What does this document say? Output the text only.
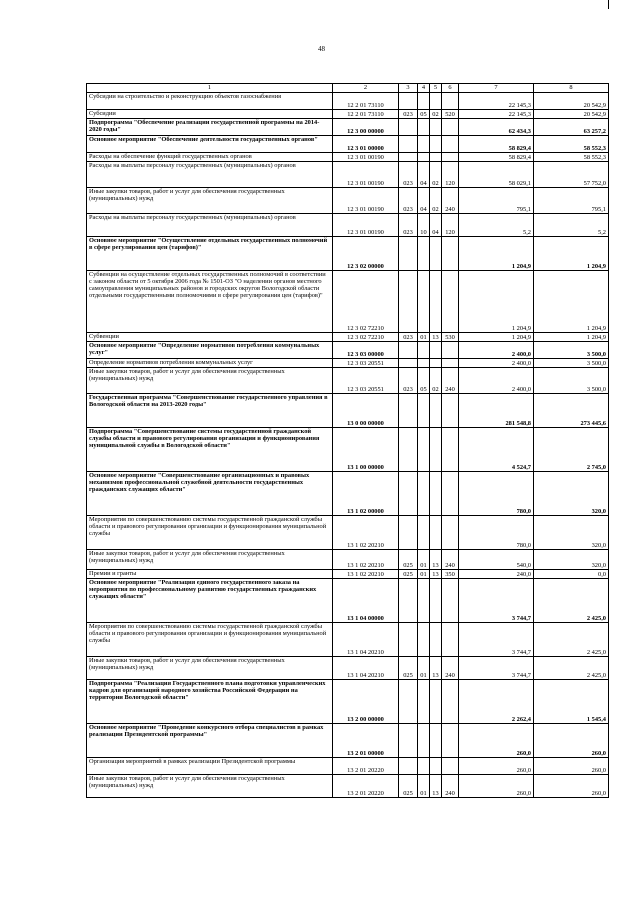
48
1	2	3	4	5	6	7	8
Субсидии на строительство и реконструкцию объектов газоснабжения	12 2 01 73110					22 145,3	20 542,9
Субсидии	12 2 01 73110	023	05	02	520	22 145,3	20 542,9
Подпрограмма "Обеспечение реализации государственной программы на 2014-2020 годы"	12 3 00 00000					62 434,3	63 257,2
Основное мероприятие "Обеспечение деятельности государственных органов"	12 3 01 00000					58 829,4	58 552,3
Расходы на обеспечение функций государственных органов	12 3 01 00190					58 829,4	58 552,3
Расходы на выплаты персоналу государственных (муниципальных) органов	12 3 01 00190	023	04	02	120	58 029,1	57 752,0
Иные закупки товаров, работ и услуг для обеспечения государственных (муниципальных) нужд	12 3 01 00190	023	04	02	240	795,1	795,1
Расходы на выплаты персоналу государственных (муниципальных) органов	12 3 01 00190	023	10	04	120	5,2	5,2
Основное мероприятие "Осуществление отдельных государственных полномочий в сфере регулирования цен (тарифов)"	12 3 02 00000					1 204,9	1 204,9
Субвенции на осуществление отдельных государственных полномочий в соответствии с законом области от 5 октября 2006 года № 1501-ОЗ "О наделении органов местного самоуправления муниципальных районов и городских округов Вологодской области отдельными государственными полномочиями в сфере регулирования цен (тарифов)"	12 3 02 72210					1 204,9	1 204,9
Субвенции	12 3 02 72210	023	01	13	530	1 204,9	1 204,9
Основное мероприятие "Определение нормативов потребления коммунальных услуг"	12 3 03 00000					2 400,0	3 500,0
Определение нормативов потребления коммунальных услуг	12 3 03 20551					2 400,0	3 500,0
Иные закупки товаров, работ и услуг для обеспечения государственных (муниципальных) нужд	12 3 03 20551	023	05	02	240	2 400,0	3 500,0
Государственная программа "Совершенствование государственного управления в Вологодской области на 2013-2020 годы"	13 0 00 00000					281 548,8	273 445,6
Подпрограмма "Совершенствование системы государственной гражданской службы области и правового регулирования организации и функционирования муниципальной службы в Вологодской области"	13 1 00 00000					4 524,7	2 745,0
Основное мероприятие "Совершенствование организационных и правовых механизмов профессиональной служебной деятельности государственных гражданских служащих области"	13 1 02 00000					780,0	320,0
Мероприятия по совершенствованию системы государственной гражданской службы области и правового регулирования организации и функционирования муниципальной службы	13 1 02 20210					780,0	320,0
Иные закупки товаров, работ и услуг для обеспечения государственных (муниципальных) нужд	13 1 02 20210	025	01	13	240	540,0	320,0
Премии и гранты	13 1 02 20210	025	01	13	350	240,0	0,0
Основное мероприятие "Реализация единого государственного заказа на мероприятия по профессиональному развитию государственных гражданских служащих области"	13 1 04 00000					3 744,7	2 425,0
Мероприятия по совершенствованию системы государственной гражданской службы области и правового регулирования организации и функционирования муниципальной службы	13 1 04 20210					3 744,7	2 425,0
Иные закупки товаров, работ и услуг для обеспечения государственных (муниципальных) нужд	13 1 04 20210	025	01	13	240	3 744,7	2 425,0
Подпрограмма "Реализация Государственного плана подготовки управленческих кадров для организаций народного хозяйства Российской Федерации на территории Вологодской области"	13 2 00 00000					2 262,4	1 545,4
Основное мероприятие "Проведение конкурсного отбора специалистов в рамках реализации Президентской программы"	13 2 01 00000					260,0	260,0
Организация мероприятий в рамках реализации Президентской программы	13 2 01 20220					260,0	260,0
Иные закупки товаров, работ и услуг для обеспечения государственных (муниципальных) нужд	13 2 01 20220	025	01	13	240	260,0	260,0
